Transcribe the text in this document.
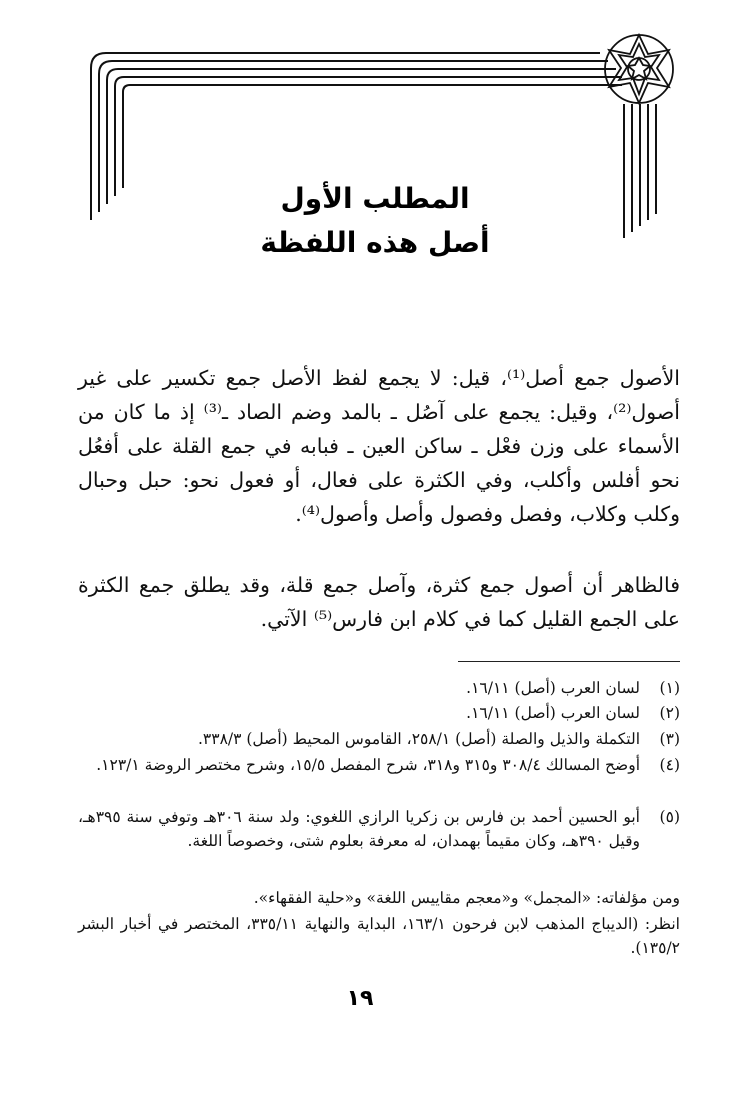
المطلب الأول
أصل هذه اللفظة

الأصول جمع أصل⁽¹⁾، قيل: لا يجمع لفظ الأصل جمع تكسير على غير أصول⁽²⁾، وقيل: يجمع على آصُل ـ بالمد وضم الصاد ـ⁽³⁾ إذ ما كان من الأسماء على وزن فعْل ـ ساكن العين ـ فبابه في جمع القلة على أفعُل نحو أفلس وأكلب، وفي الكثرة على فعال، أو فعول نحو: حبل وحبال وكلب وكلاب، وفصل وفصول وأصل وأصول⁽⁴⁾.

فالظاهر أن أصول جمع كثرة، وآصل جمع قلة، وقد يطلق جمع الكثرة على الجمع القليل كما في كلام ابن فارس⁽⁵⁾ الآتي.

(١)
لسان العرب (أصل) ١٦/١١.
(٢)
لسان العرب (أصل) ١٦/١١.
(٣)
التكملة والذيل والصلة (أصل) ٢٥٨/١، القاموس المحيط (أصل) ٣٣٨/٣.
(٤)
أوضح المسالك ٣٠٨/٤ و٣١٥ و٣١٨، شرح المفصل ١٥/٥، وشرح مختصر الروضة ١٢٣/١.
(٥)
أبو الحسين أحمد بن فارس بن زكريا الرازي اللغوي: ولد سنة ٣٠٦هـ وتوفي سنة ٣٩٥هـ، وقيل ٣٩٠هـ، وكان مقيماً بهمدان، له معرفة بعلوم شتى، وخصوصاً اللغة.
ومن مؤلفاته: «المجمل» و«معجم مقاييس اللغة» و«حلية الفقهاء».
انظر: (الديباج المذهب لابن فرحون ١٦٣/١، البداية والنهاية ٣٣٥/١١، المختصر في أخبار البشر ١٣٥/٢).
١٩
